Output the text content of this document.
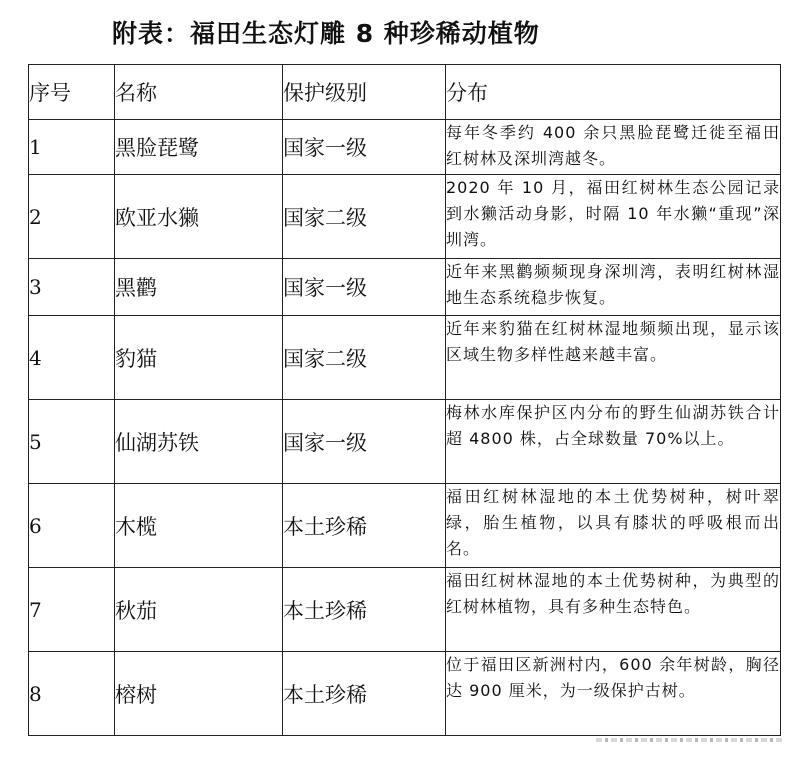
附表：福田生态灯雕 8 种珍稀动植物
序号	名称	保护级别	分布
1	黑脸琵鹭	国家一级	每年冬季约 400 余只黑脸琵鹭迁徙至福田红树林及深圳湾越冬。
2	欧亚水獭	国家二级	2020 年 10 月，福田红树林生态公园记录到水獭活动身影，时隔 10 年水獭“重现”深圳湾。
3	黑鹳	国家一级	近年来黑鹳频频现身深圳湾，表明红树林湿地生态系统稳步恢复。
4	豹猫	国家二级	近年来豹猫在红树林湿地频频出现，显示该区域生物多样性越来越丰富。
5	仙湖苏铁	国家一级	梅林水库保护区内分布的野生仙湖苏铁合计超 4800 株，占全球数量 70%以上。
6	木榄	本土珍稀	福田红树林湿地的本土优势树种，树叶翠绿，胎生植物，以具有膝状的呼吸根而出名。
7	秋茄	本土珍稀	福田红树林湿地的本土优势树种，为典型的红树林植物，具有多种生态特色。
8	榕树	本土珍稀	位于福田区新洲村内，600 余年树龄，胸径达 900 厘米，为一级保护古树。
